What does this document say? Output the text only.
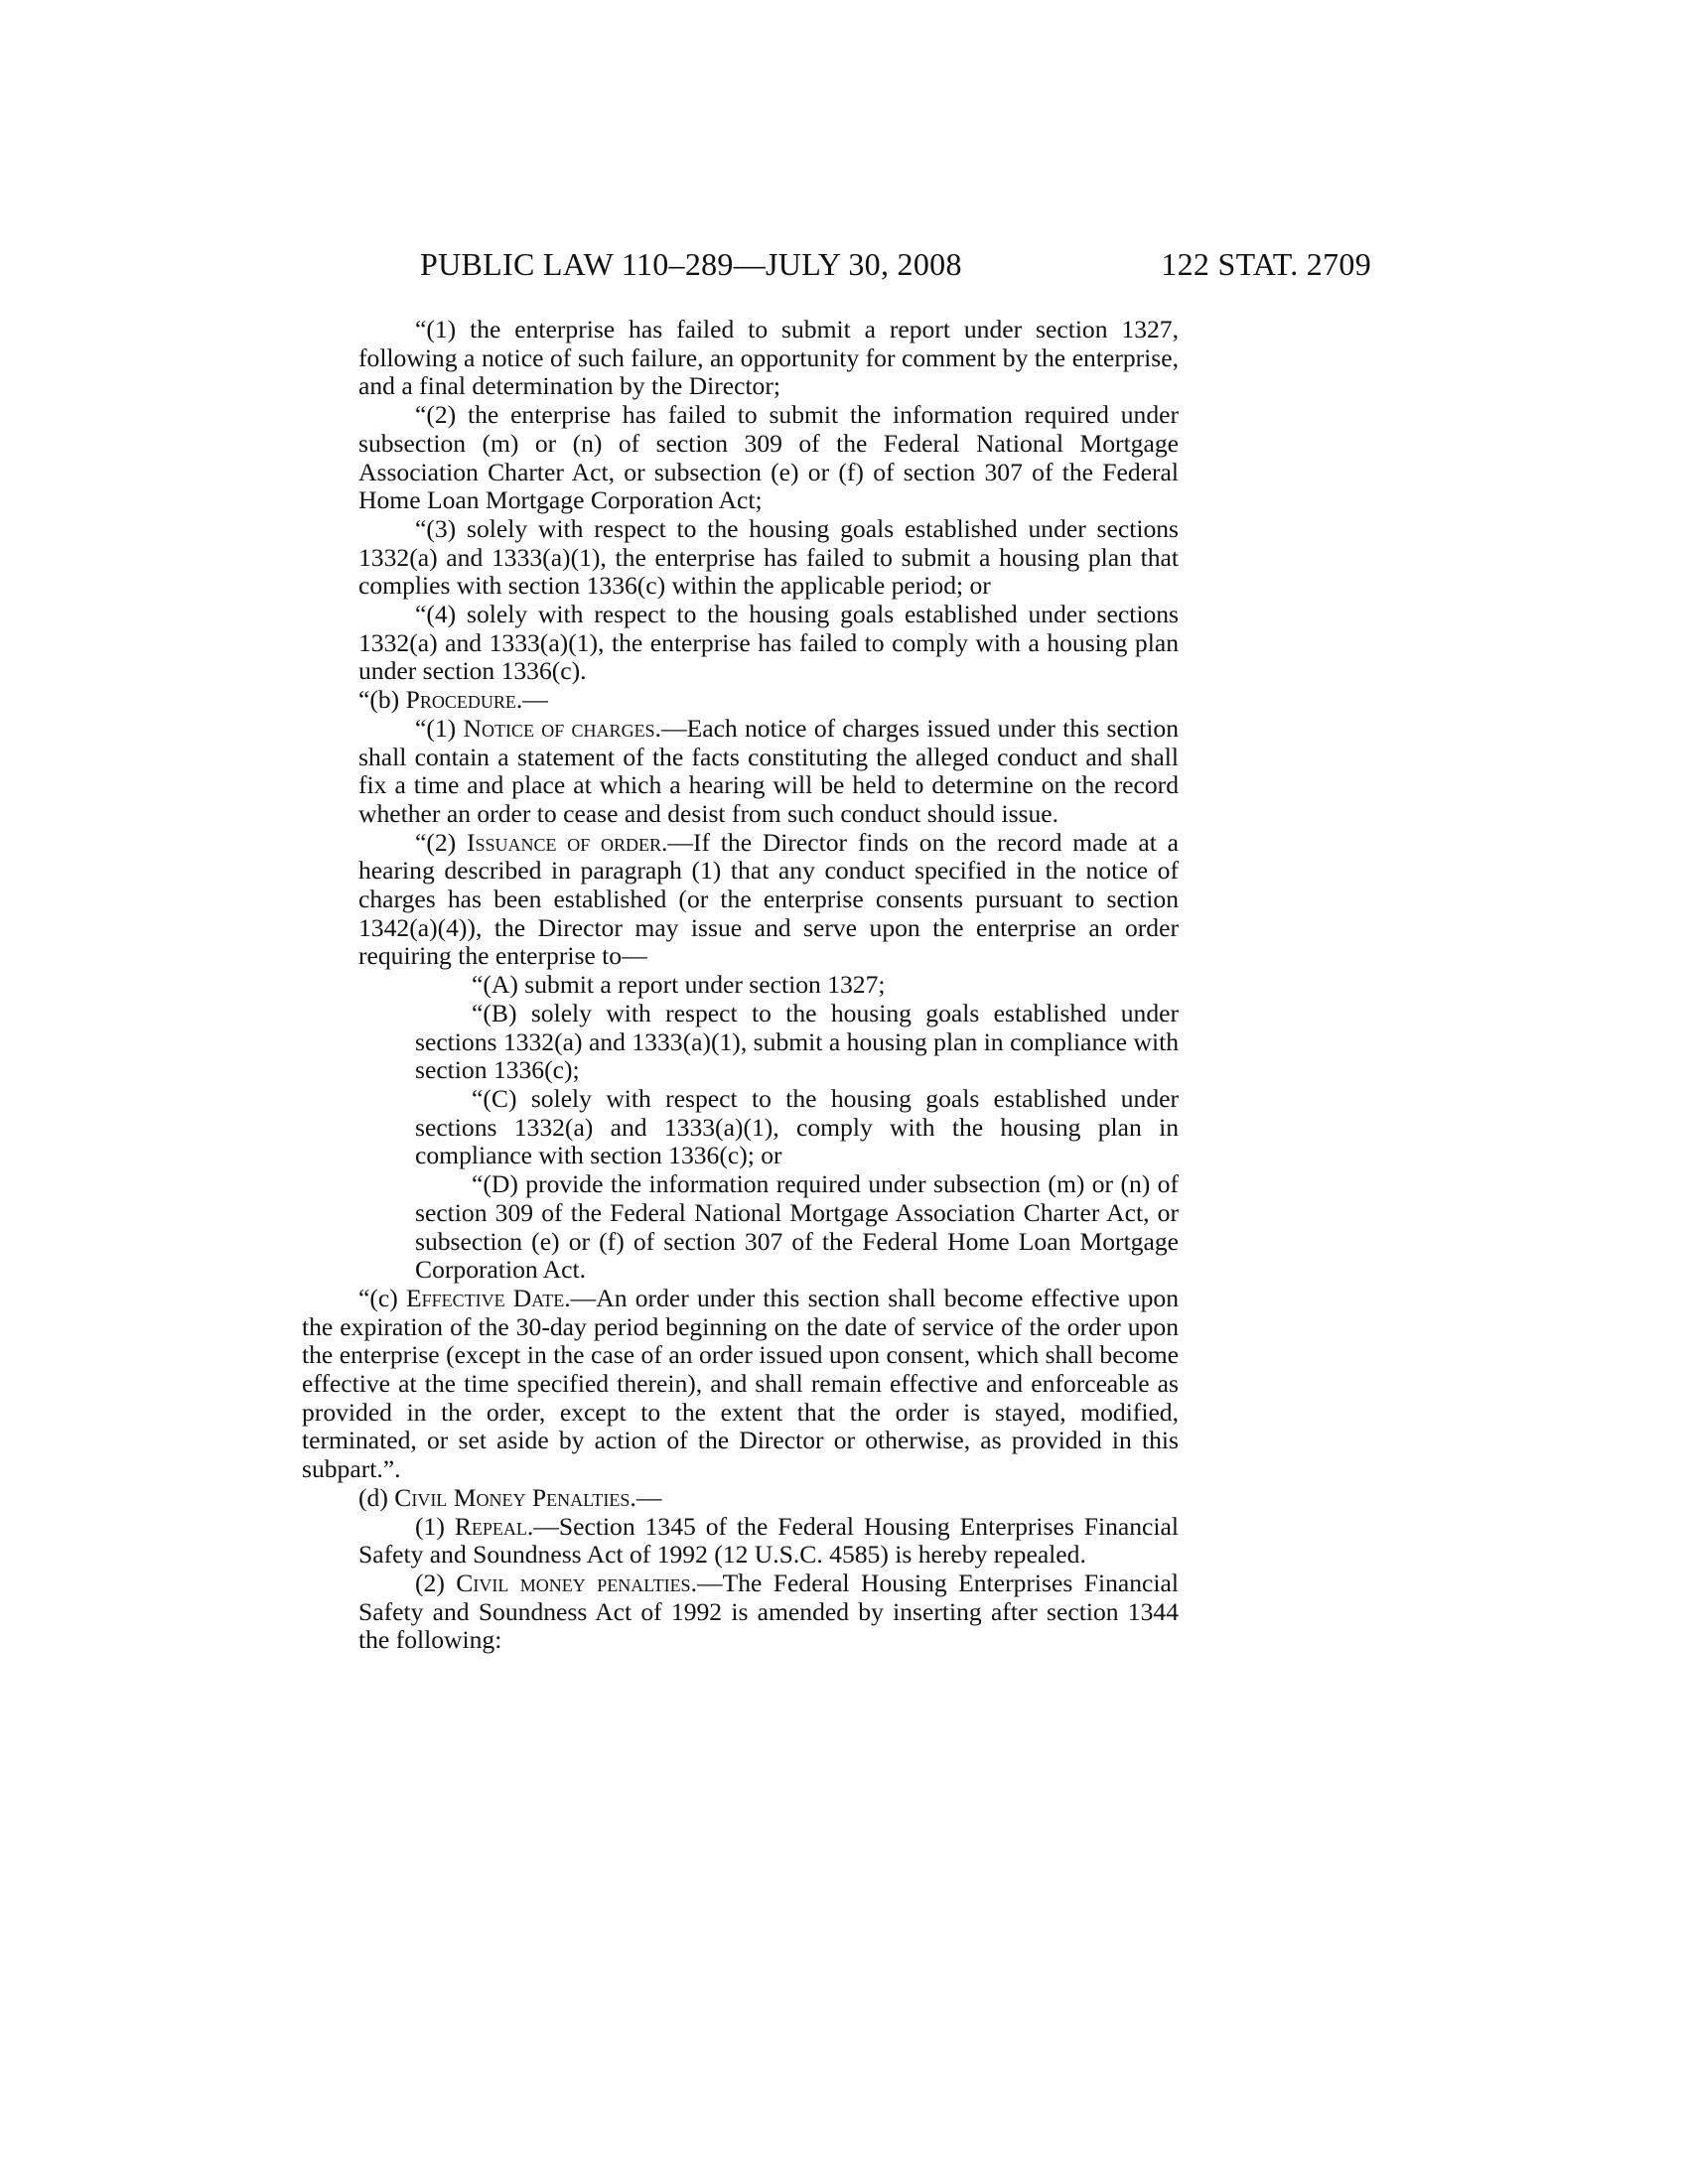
PUBLIC LAW 110–289—JULY 30, 2008	122 STAT. 2709

“(1) the enterprise has failed to submit a report under section 1327, following a notice of such failure, an opportunity for comment by the enterprise, and a final determination by the Director;

“(2) the enterprise has failed to submit the information required under subsection (m) or (n) of section 309 of the Federal National Mortgage Association Charter Act, or subsection (e) or (f) of section 307 of the Federal Home Loan Mortgage Corporation Act;

“(3) solely with respect to the housing goals established under sections 1332(a) and 1333(a)(1), the enterprise has failed to submit a housing plan that complies with section 1336(c) within the applicable period; or

“(4) solely with respect to the housing goals established under sections 1332(a) and 1333(a)(1), the enterprise has failed to comply with a housing plan under section 1336(c).

“(b) Procedure.—

“(1) Notice of charges.—Each notice of charges issued under this section shall contain a statement of the facts constituting the alleged conduct and shall fix a time and place at which a hearing will be held to determine on the record whether an order to cease and desist from such conduct should issue.

“(2) Issuance of order.—If the Director finds on the record made at a hearing described in paragraph (1) that any conduct specified in the notice of charges has been established (or the enterprise consents pursuant to section 1342(a)(4)), the Director may issue and serve upon the enterprise an order requiring the enterprise to—

“(A) submit a report under section 1327;

“(B) solely with respect to the housing goals established under sections 1332(a) and 1333(a)(1), submit a housing plan in compliance with section 1336(c);

“(C) solely with respect to the housing goals established under sections 1332(a) and 1333(a)(1), comply with the housing plan in compliance with section 1336(c); or

“(D) provide the information required under subsection (m) or (n) of section 309 of the Federal National Mortgage Association Charter Act, or subsection (e) or (f) of section 307 of the Federal Home Loan Mortgage Corporation Act.

“(c) Effective Date.—An order under this section shall become effective upon the expiration of the 30-day period beginning on the date of service of the order upon the enterprise (except in the case of an order issued upon consent, which shall become effective at the time specified therein), and shall remain effective and enforceable as provided in the order, except to the extent that the order is stayed, modified, terminated, or set aside by action of the Director or otherwise, as provided in this subpart.”.

(d) Civil Money Penalties.—

(1) Repeal.—Section 1345 of the Federal Housing Enterprises Financial Safety and Soundness Act of 1992 (12 U.S.C. 4585) is hereby repealed.

(2) Civil money penalties.—The Federal Housing Enterprises Financial Safety and Soundness Act of 1992 is amended by inserting after section 1344 the following:
